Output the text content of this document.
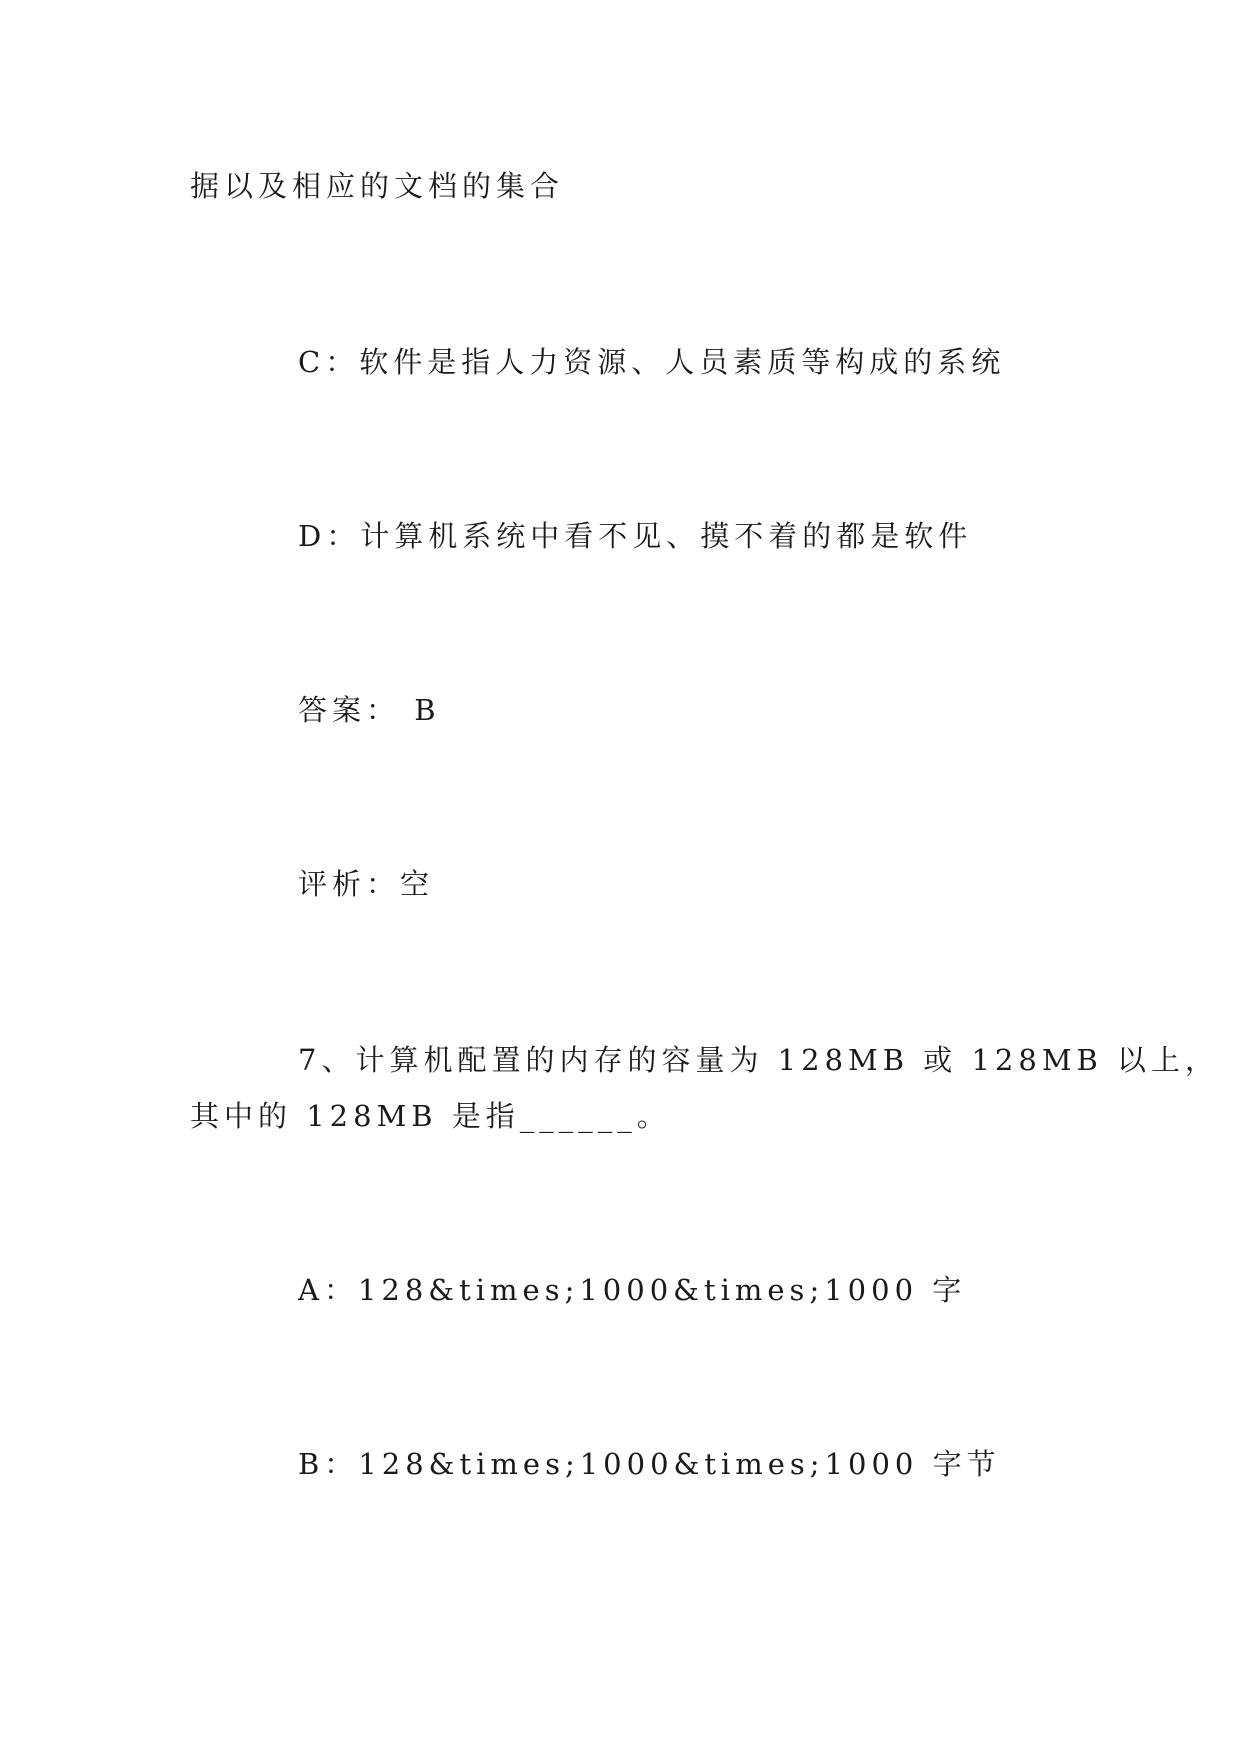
据以及相应的文档的集合
C：软件是指人力资源、人员素质等构成的系统
D：计算机系统中看不见、摸不着的都是软件
答案： B
评析：空
7、计算机配置的内存的容量为 128MB 或 128MB 以上，
其中的 128MB 是指______。
A：128&times;1000&times;1000 字
B：128&times;1000&times;1000 字节
